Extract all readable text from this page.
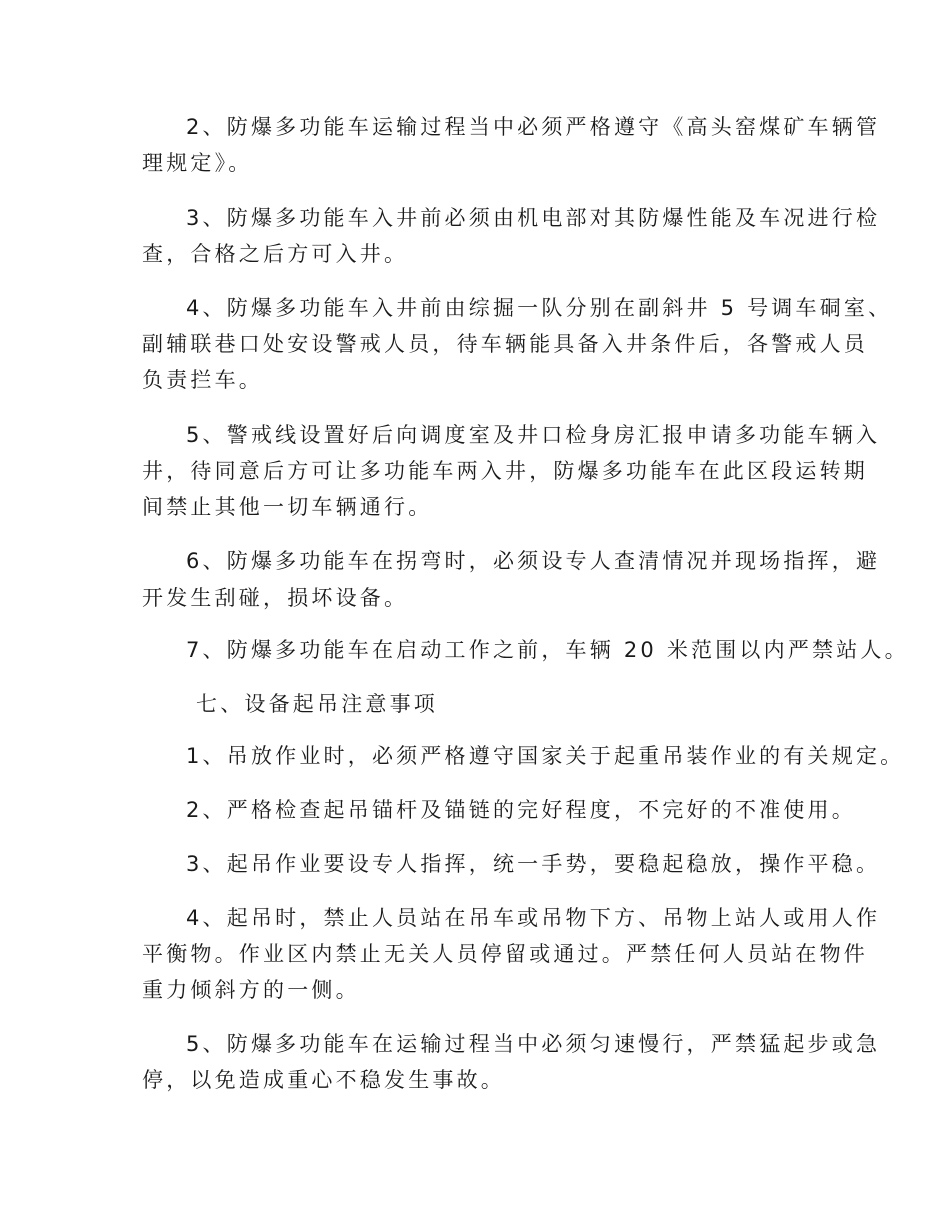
2、防爆多功能车运输过程当中必须严格遵守《高头窑煤矿车辆管
理规定》。
3、防爆多功能车入井前必须由机电部对其防爆性能及车况进行检
查，合格之后方可入井。
4、防爆多功能车入井前由综掘一队分别在副斜井 5 号调车硐室、
副辅联巷口处安设警戒人员，待车辆能具备入井条件后，各警戒人员
负责拦车。
5、警戒线设置好后向调度室及井口检身房汇报申请多功能车辆入
井，待同意后方可让多功能车两入井，防爆多功能车在此区段运转期
间禁止其他一切车辆通行。
6、防爆多功能车在拐弯时，必须设专人查清情况并现场指挥，避
开发生刮碰，损坏设备。
7、防爆多功能车在启动工作之前，车辆 20 米范围以内严禁站人。
七、设备起吊注意事项
1、吊放作业时，必须严格遵守国家关于起重吊装作业的有关规定。
2、严格检查起吊锚杆及锚链的完好程度，不完好的不准使用。
3、起吊作业要设专人指挥，统一手势，要稳起稳放，操作平稳。
4、起吊时，禁止人员站在吊车或吊物下方、吊物上站人或用人作
平衡物。作业区内禁止无关人员停留或通过。严禁任何人员站在物件
重力倾斜方的一侧。
5、防爆多功能车在运输过程当中必须匀速慢行，严禁猛起步或急
停，以免造成重心不稳发生事故。
